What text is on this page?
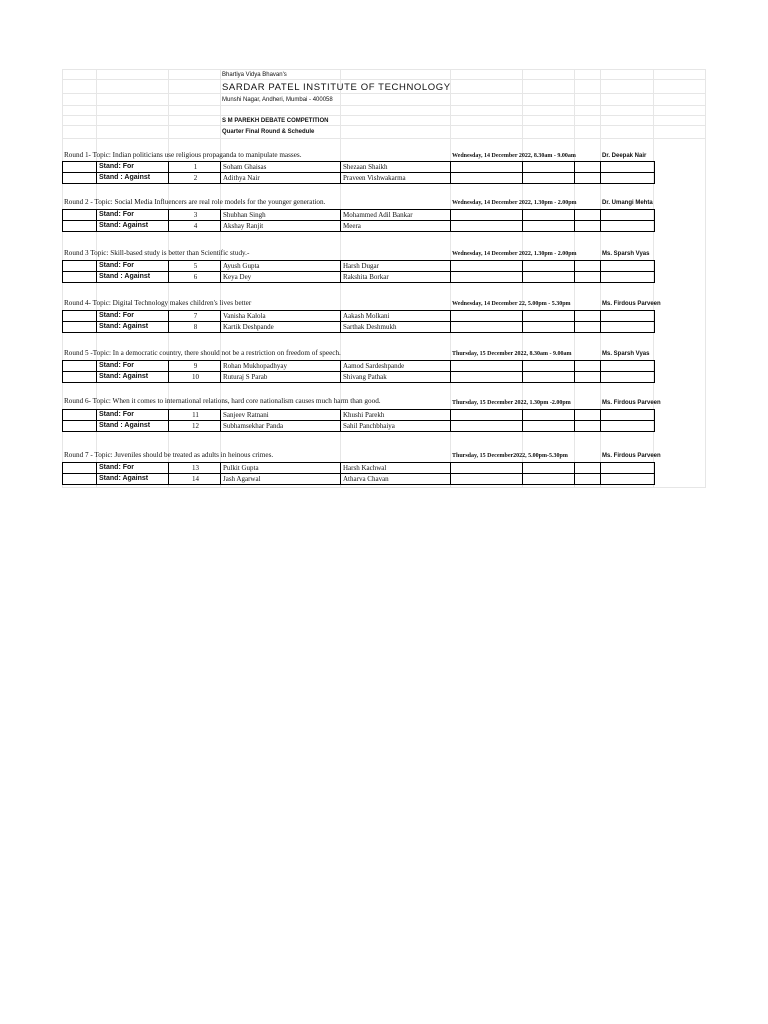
Bhartiya Vidya Bhavan's
SARDAR PATEL INSTITUTE OF TECHNOLOGY
Munshi Nagar, Andheri, Mumbai - 400058
S M PAREKH DEBATE COMPETITION
Quarter Final Round & Schedule
Round 1- Topic: Indian politicians use religious propaganda to manipulate masses.	Wednesday, 14 December 2022, 8.30am - 9.00am	Dr. Deepak Nair
	Stand: For	1	Soham Ghaisas	Shezaan Shaikh				
	Stand : Against	2	Adithya Nair	Praveen Vishwakarma				
Round 2 - Topic: Social Media Influencers are real role models for the younger generation.	Wednesday, 14 December 2022, 1.30pm - 2.00pm	Dr. Umangi Mehta
	Stand: For	3	Shubhan Singh	Mohammed Adil Bankar				
	Stand: Against	4	Akshay Ranjit	Meera				
Round 3 Topic: Skill-based study is better than Scientific study.-	Wednesday, 14 December 2022, 1.30pm - 2.00pm	Ms. Sparsh Vyas
	Stand: For	5	Ayush Gupta	Harsh Dugar				
	Stand : Against	6	Keya Dey	Rakshita Borkar				
Round 4- Topic: Digital Technology makes children's lives better	Wednesday, 14 December 22, 5.00pm - 5.30pm	Ms. Firdous Parveen
	Stand: For	7	Vanisha Kalola	Aakash Molkani				
	Stand: Against	8	Kartik Deshpande	Sarthak Deshmukh				
Round 5 -Topic: In a democratic country, there should not be a restriction on freedom of speech.	Thursday, 15 December 2022, 8.30am - 9.00am	Ms. Sparsh Vyas
	Stand: For	9	Rohan Mukhopadhyay	Aamod Sardeshpande				
	Stand: Against	10	Ruturaj S Parab	Shivang Pathak				
Round 6- Topic: When it comes to international relations, hard core nationalism causes much harm than good.	Thursday, 15 December 2022, 1.30pm -2.00pm	Ms. Firdous Parveen
	Stand: For	11	Sanjeev Ratnani	Khushi Parekh				
	Stand : Against	12	Subhamsekhar Panda	Sahil Panchbhaiya				
Round 7 - Topic: Juveniles should be treated as adults in heinous crimes.	Thursday, 15 December2022, 5.00pm-5.30pm	Ms. Firdous Parveen
	Stand: For	13	Pulkit Gupta	Harsh Kachwal				
	Stand: Against	14	Jash Agarwal	Atharva Chavan				
